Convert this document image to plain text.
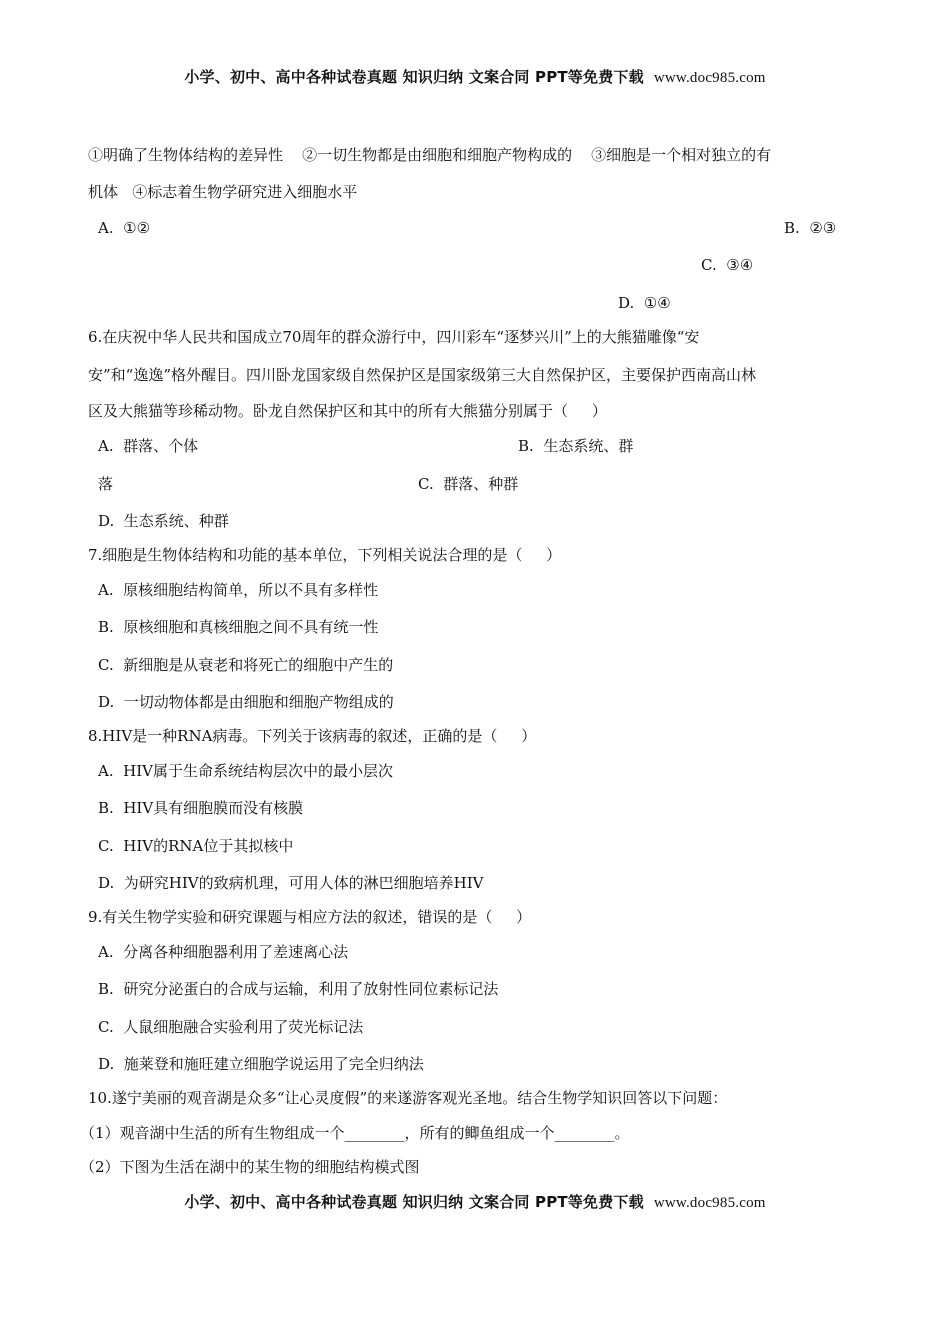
小学、初中、高中各种试卷真题 知识归纳 文案合同 PPT等免费下载 www.doc985.com
①明确了生物体结构的差异性    ②一切生物都是由细胞和细胞产物构成的    ③细胞是一个相对独立的有
机体   ④标志着生物学研究进入细胞水平
A.  ①②	B.  ②③
C.  ③④
D.  ①④
6.在庆祝中华人民共和国成立70周年的群众游行中，四川彩车“逐梦兴川”上的大熊猫雕像“安
安”和“逸逸”格外醒目。四川卧龙国家级自然保护区是国家级第三大自然保护区，主要保护西南高山林
区及大熊猫等珍稀动物。卧龙自然保护区和其中的所有大熊猫分别属于（     ）
A.  群落、个体	B.  生态系统、群
落	C.  群落、种群
D.  生态系统、种群
7.细胞是生物体结构和功能的基本单位，下列相关说法合理的是（     ）
A.  原核细胞结构简单，所以不具有多样性
B.  原核细胞和真核细胞之间不具有统一性
C.  新细胞是从衰老和将死亡的细胞中产生的
D.  一切动物体都是由细胞和细胞产物组成的
8.HIV是一种RNA病毒。下列关于该病毒的叙述，正确的是（     ）
A.  HIV属于生命系统结构层次中的最小层次
B.  HIV具有细胞膜而没有核膜
C.  HIV的RNA位于其拟核中
D.  为研究HIV的致病机理，可用人体的淋巴细胞培养HIV
9.有关生物学实验和研究课题与相应方法的叙述，错误的是（     ）
A.  分离各种细胞器利用了差速离心法
B.  研究分泌蛋白的合成与运输，利用了放射性同位素标记法
C.  人鼠细胞融合实验利用了荧光标记法
D.  施莱登和施旺建立细胞学说运用了完全归纳法
10.遂宁美丽的观音湖是众多“让心灵度假”的来遂游客观光圣地。结合生物学知识回答以下问题：
（1）观音湖中生活的所有生物组成一个________，所有的鲫鱼组成一个________。
（2）下图为生活在湖中的某生物的细胞结构模式图
小学、初中、高中各种试卷真题 知识归纳 文案合同 PPT等免费下载 www.doc985.com
